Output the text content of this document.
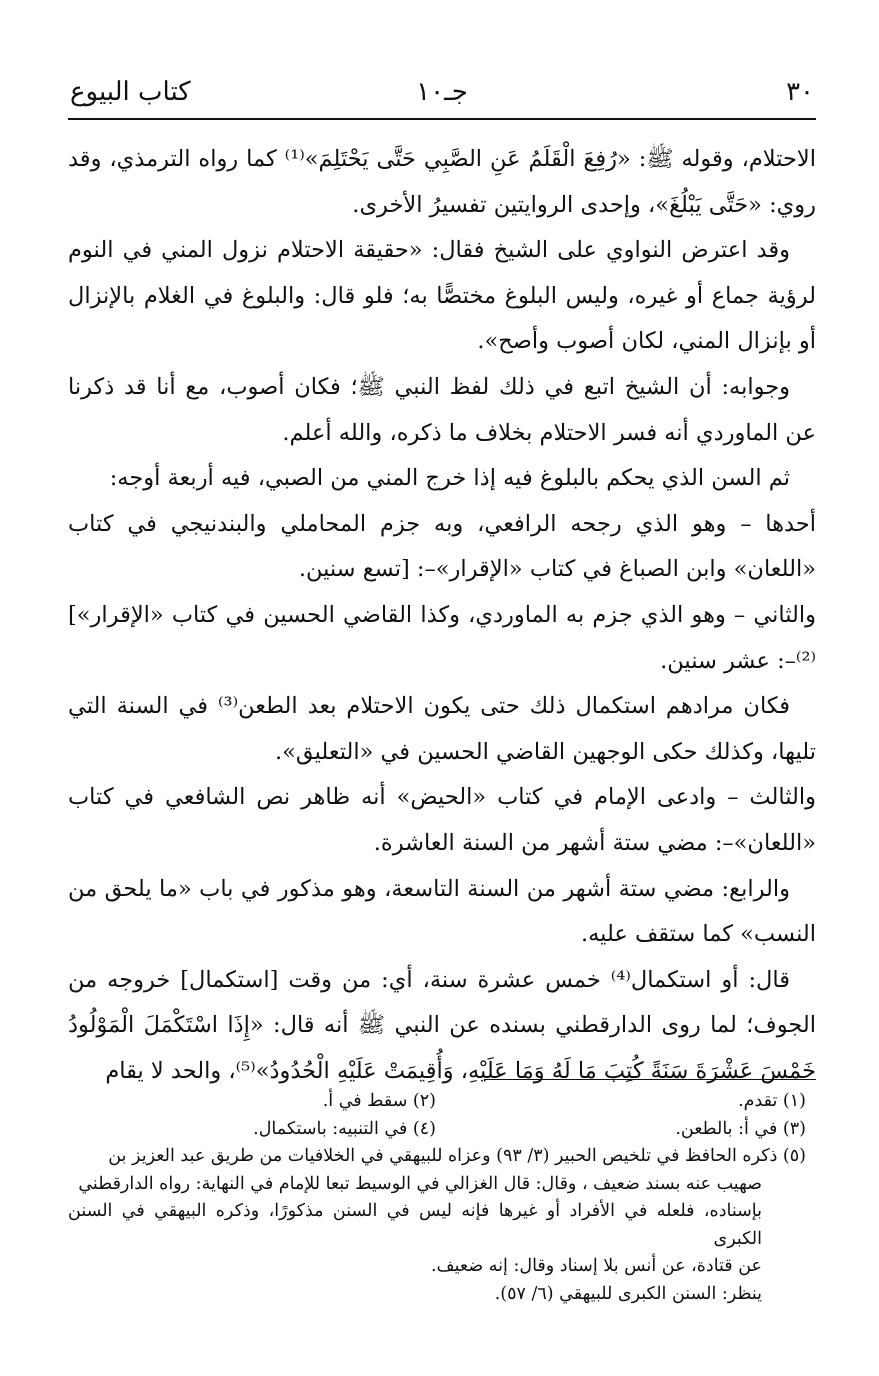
٣٠
جـ١٠
كتاب البيوع

الاحتلام، وقوله ﷺ: «رُفِعَ الْقَلَمُ عَنِ الصَّبِي حَتَّى يَحْتَلِمَ»⁽¹⁾ كما رواه الترمذي، وقد روي: «حَتَّى يَبْلُغَ»، وإحدى الروايتين تفسيرُ الأخرى.

وقد اعترض النواوي على الشيخ فقال: «حقيقة الاحتلام نزول المني في النوم لرؤية جماع أو غيره، وليس البلوغ مختصًّا به؛ فلو قال: والبلوغ في الغلام بالإنزال أو بإنزال المني، لكان أصوب وأصح».

وجوابه: أن الشيخ اتبع في ذلك لفظ النبي ﷺ؛ فكان أصوب، مع أنا قد ذكرنا عن الماوردي أنه فسر الاحتلام بخلاف ما ذكره، والله أعلم.

ثم السن الذي يحكم بالبلوغ فيه إذا خرج المني من الصبي، فيه أربعة أوجه:

أحدها – وهو الذي رجحه الرافعي، وبه جزم المحاملي والبندنيجي في كتاب «اللعان» وابن الصباغ في كتاب «الإقرار»–: [تسع سنين.

والثاني – وهو الذي جزم به الماوردي، وكذا القاضي الحسين في كتاب «الإقرار»]⁽²⁾–: عشر سنين.

فكان مرادهم استكمال ذلك حتى يكون الاحتلام بعد الطعن⁽³⁾ في السنة التي تليها، وكذلك حكى الوجهين القاضي الحسين في «التعليق».

والثالث – وادعى الإمام في كتاب «الحيض» أنه ظاهر نص الشافعي في كتاب «اللعان»–: مضي ستة أشهر من السنة العاشرة.

والرابع: مضي ستة أشهر من السنة التاسعة، وهو مذكور في باب «ما يلحق من النسب» كما ستقف عليه.

قال: أو استكمال⁽⁴⁾ خمس عشرة سنة، أي: من وقت [استكمال] خروجه من الجوف؛ لما روى الدارقطني بسنده عن النبي ﷺ أنه قال: «إِذَا اسْتَكْمَلَ الْمَوْلُودُ خَمْسَ عَشْرَةَ سَنَةً كُتِبَ مَا لَهُ وَمَا عَلَيْهِ، وَأُقِيمَتْ عَلَيْهِ الْحُدُودُ»⁽⁵⁾، والحد لا يقام

(١) تقدم.
(٢) سقط في أ.
(٣) في أ: بالطعن.
(٤) في التنبيه: باستكمال.
(٥) ذكره الحافظ في تلخيص الحبير (٣/ ٩٣) وعزاه للبيهقي في الخلافيات من طريق عبد العزيز بن
صهيب عنه بسند ضعيف ، وقال: قال الغزالي في الوسيط تبعا للإمام في النهاية: رواه الدارقطني
بإسناده، فلعله في الأفراد أو غيرها فإنه ليس في السنن مذكورًا، وذكره البيهقي في السنن الكبرى
عن قتادة، عن أنس بلا إسناد وقال: إنه ضعيف.
ينظر: السنن الكبرى للبيهقي (٦/ ٥٧).
